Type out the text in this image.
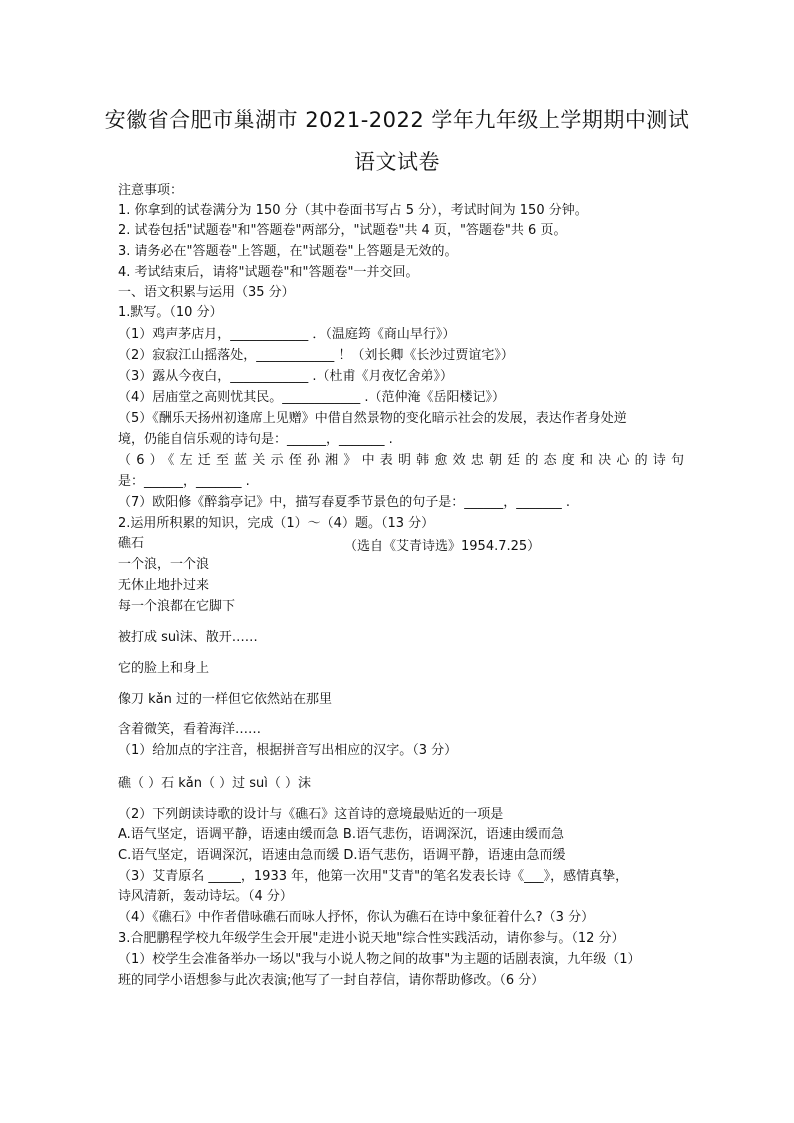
安徽省合肥市巢湖市 2021-2022 学年九年级上学期期中测试
语文试卷
注意事项：
1. 你拿到的试卷满分为 150 分（其中卷面书写占 5 分），考试时间为 150 分钟。
2. 试卷包括"试题卷"和"答题卷"两部分，"试题卷"共 4 页，"答题卷"共 6 页。
3. 请务必在"答题卷"上答题，在"试题卷"上答题是无效的。
4. 考试结束后，请将"试题卷"和"答题卷"一并交回。
一、语文积累与运用（35 分）
1.默写。（10 分）
（1）鸡声茅店月，____________ ．（温庭筠《商山早行》）
（2）寂寂江山摇落处，____________ ！（刘长卿《长沙过贾谊宅》）
（3）露从今夜白，____________ .（杜甫《月夜忆舍弟》）
（4）居庙堂之高则忧其民。____________ .（范仲淹《岳阳楼记》）
（5）《酬乐天扬州初逢席上见赠》中借自然景物的变化暗示社会的发展，表达作者身处逆
境，仍能自信乐观的诗句是：______，_______ .
（6）《左迁至蓝关示侄孙湘》中表明韩愈效忠朝廷的态度和决心的诗句
是：______，_______ .
（7）欧阳修《醉翁亭记》中，描写春夏季节景色的句子是：______，_______ .
2.运用所积累的知识，完成（1）～（4）题。（13 分）
礁石	（选自《艾青诗选》1954.7.25）
一个浪，一个浪
无休止地扑过来
每一个浪都在它脚下
被打成 suì沫、散开……
它的脸上和身上
像刀 kǎn 过的一样但它依然站在那里
含着微笑，看着海洋……
（1）给加点的字注音，根据拼音写出相应的汉字。（3 分）
礁（ ）石 kǎn（ ）过 suì（ ）沫
（2）下列朗读诗歌的设计与《礁石》这首诗的意境最贴近的一项是
A.语气坚定，语调平静，语速由缓而急 B.语气悲伤，语调深沉，语速由缓而急
C.语气坚定，语调深沉，语速由急而缓 D.语气悲伤，语调平静，语速由急而缓
（3）艾青原名 _____，1933 年，他第一次用"艾青"的笔名发表长诗《___》，感情真挚，
诗风清新，轰动诗坛。（4 分）
（4）《礁石》中作者借咏礁石而咏人抒怀，你认为礁石在诗中象征着什么?（3 分）
3.合肥鹏程学校九年级学生会开展"走进小说天地"综合性实践活动，请你参与。（12 分）
（1）校学生会准备举办一场以"我与小说人物之间的故事"为主题的话剧表演，九年级（1）
班的同学小语想参与此次表演;他写了一封自荐信，请你帮助修改。（6 分）
